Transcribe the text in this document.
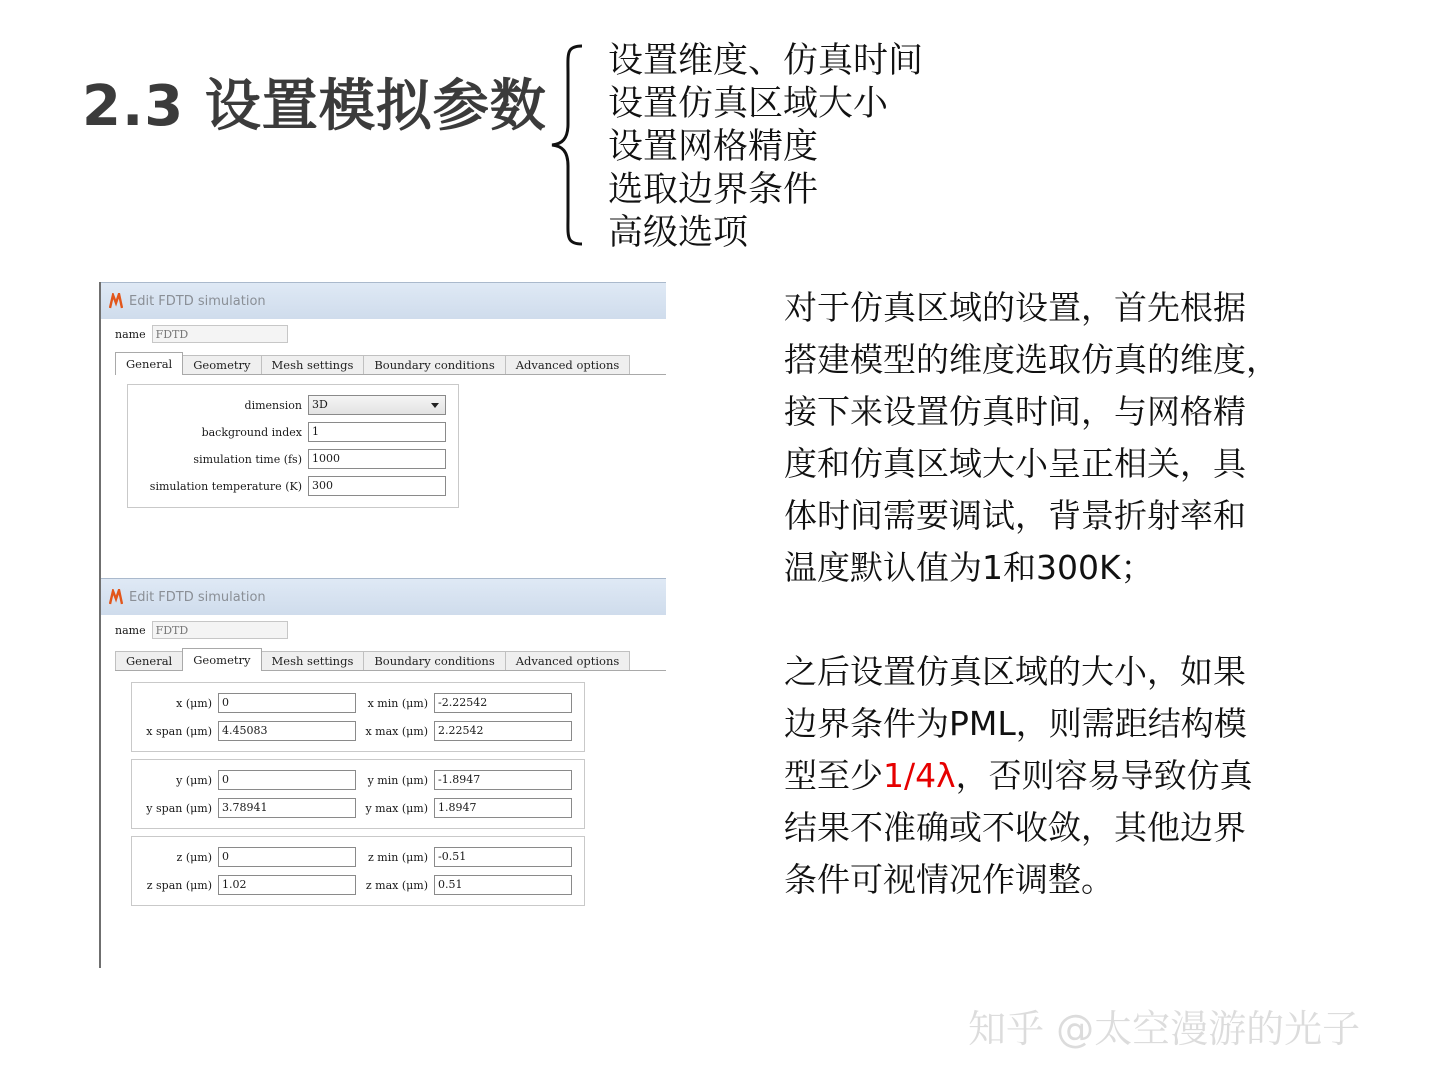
2.3 设置模拟参数
设置维度、仿真时间
设置仿真区域大小
设置网格精度
选取边界条件
高级选项
Edit FDTD simulation
name FDTD
General	Geometry	Mesh settings	Boundary conditions	Advanced options
dimension 3D
background index 1
simulation time (fs) 1000
simulation temperature (K) 300
Edit FDTD simulation
name FDTD
General	Geometry	Mesh settings	Boundary conditions	Advanced options
x (μm) 0	x min (μm) -2.22542
x span (μm) 4.45083	x max (μm) 2.22542
y (μm) 0	y min (μm) -1.8947
y span (μm) 3.78941	y max (μm) 1.8947
z (μm) 0	z min (μm) -0.51
z span (μm) 1.02	z max (μm) 0.51
对于仿真区域的设置，首先根据
搭建模型的维度选取仿真的维度，
接下来设置仿真时间，与网格精
度和仿真区域大小呈正相关，具
体时间需要调试，背景折射率和
温度默认值为1和300K；
之后设置仿真区域的大小，如果
边界条件为PML，则需距结构模
型至少1/4λ，否则容易导致仿真
结果不准确或不收敛，其他边界
条件可视情况作调整。
知乎 @太空漫游的光子
